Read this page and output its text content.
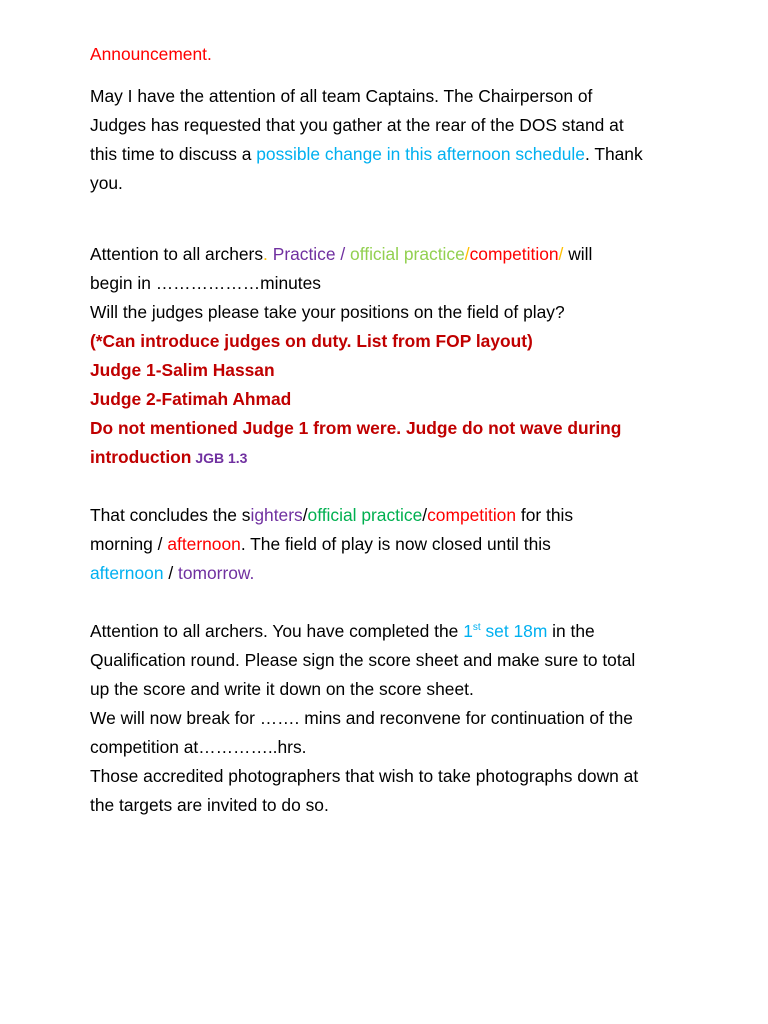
Announcement.
May I have the attention of all team Captains. The Chairperson of
Judges has requested that you gather at the rear of the DOS stand at
this time to discuss a possible change in this afternoon schedule. Thank
you.
Attention to all archers. Practice / official practice/competition/ will
begin in ………………minutes
Will the judges please take your positions on the field of play?
(*Can introduce judges on duty. List from FOP layout)
Judge 1-Salim Hassan
Judge 2-Fatimah Ahmad
Do not mentioned Judge 1 from were. Judge do not wave during
introduction JGB 1.3
That concludes the sighters/official practice/competition for this
morning / afternoon. The field of play is now closed until this
afternoon / tomorrow.
Attention to all archers. You have completed the 1st set 18m in the
Qualification round. Please sign the score sheet and make sure to total
up the score and write it down on the score sheet.
We will now break for ……. mins and reconvene for continuation of the
competition at…………..hrs.
Those accredited photographers that wish to take photographs down at
the targets are invited to do so.
